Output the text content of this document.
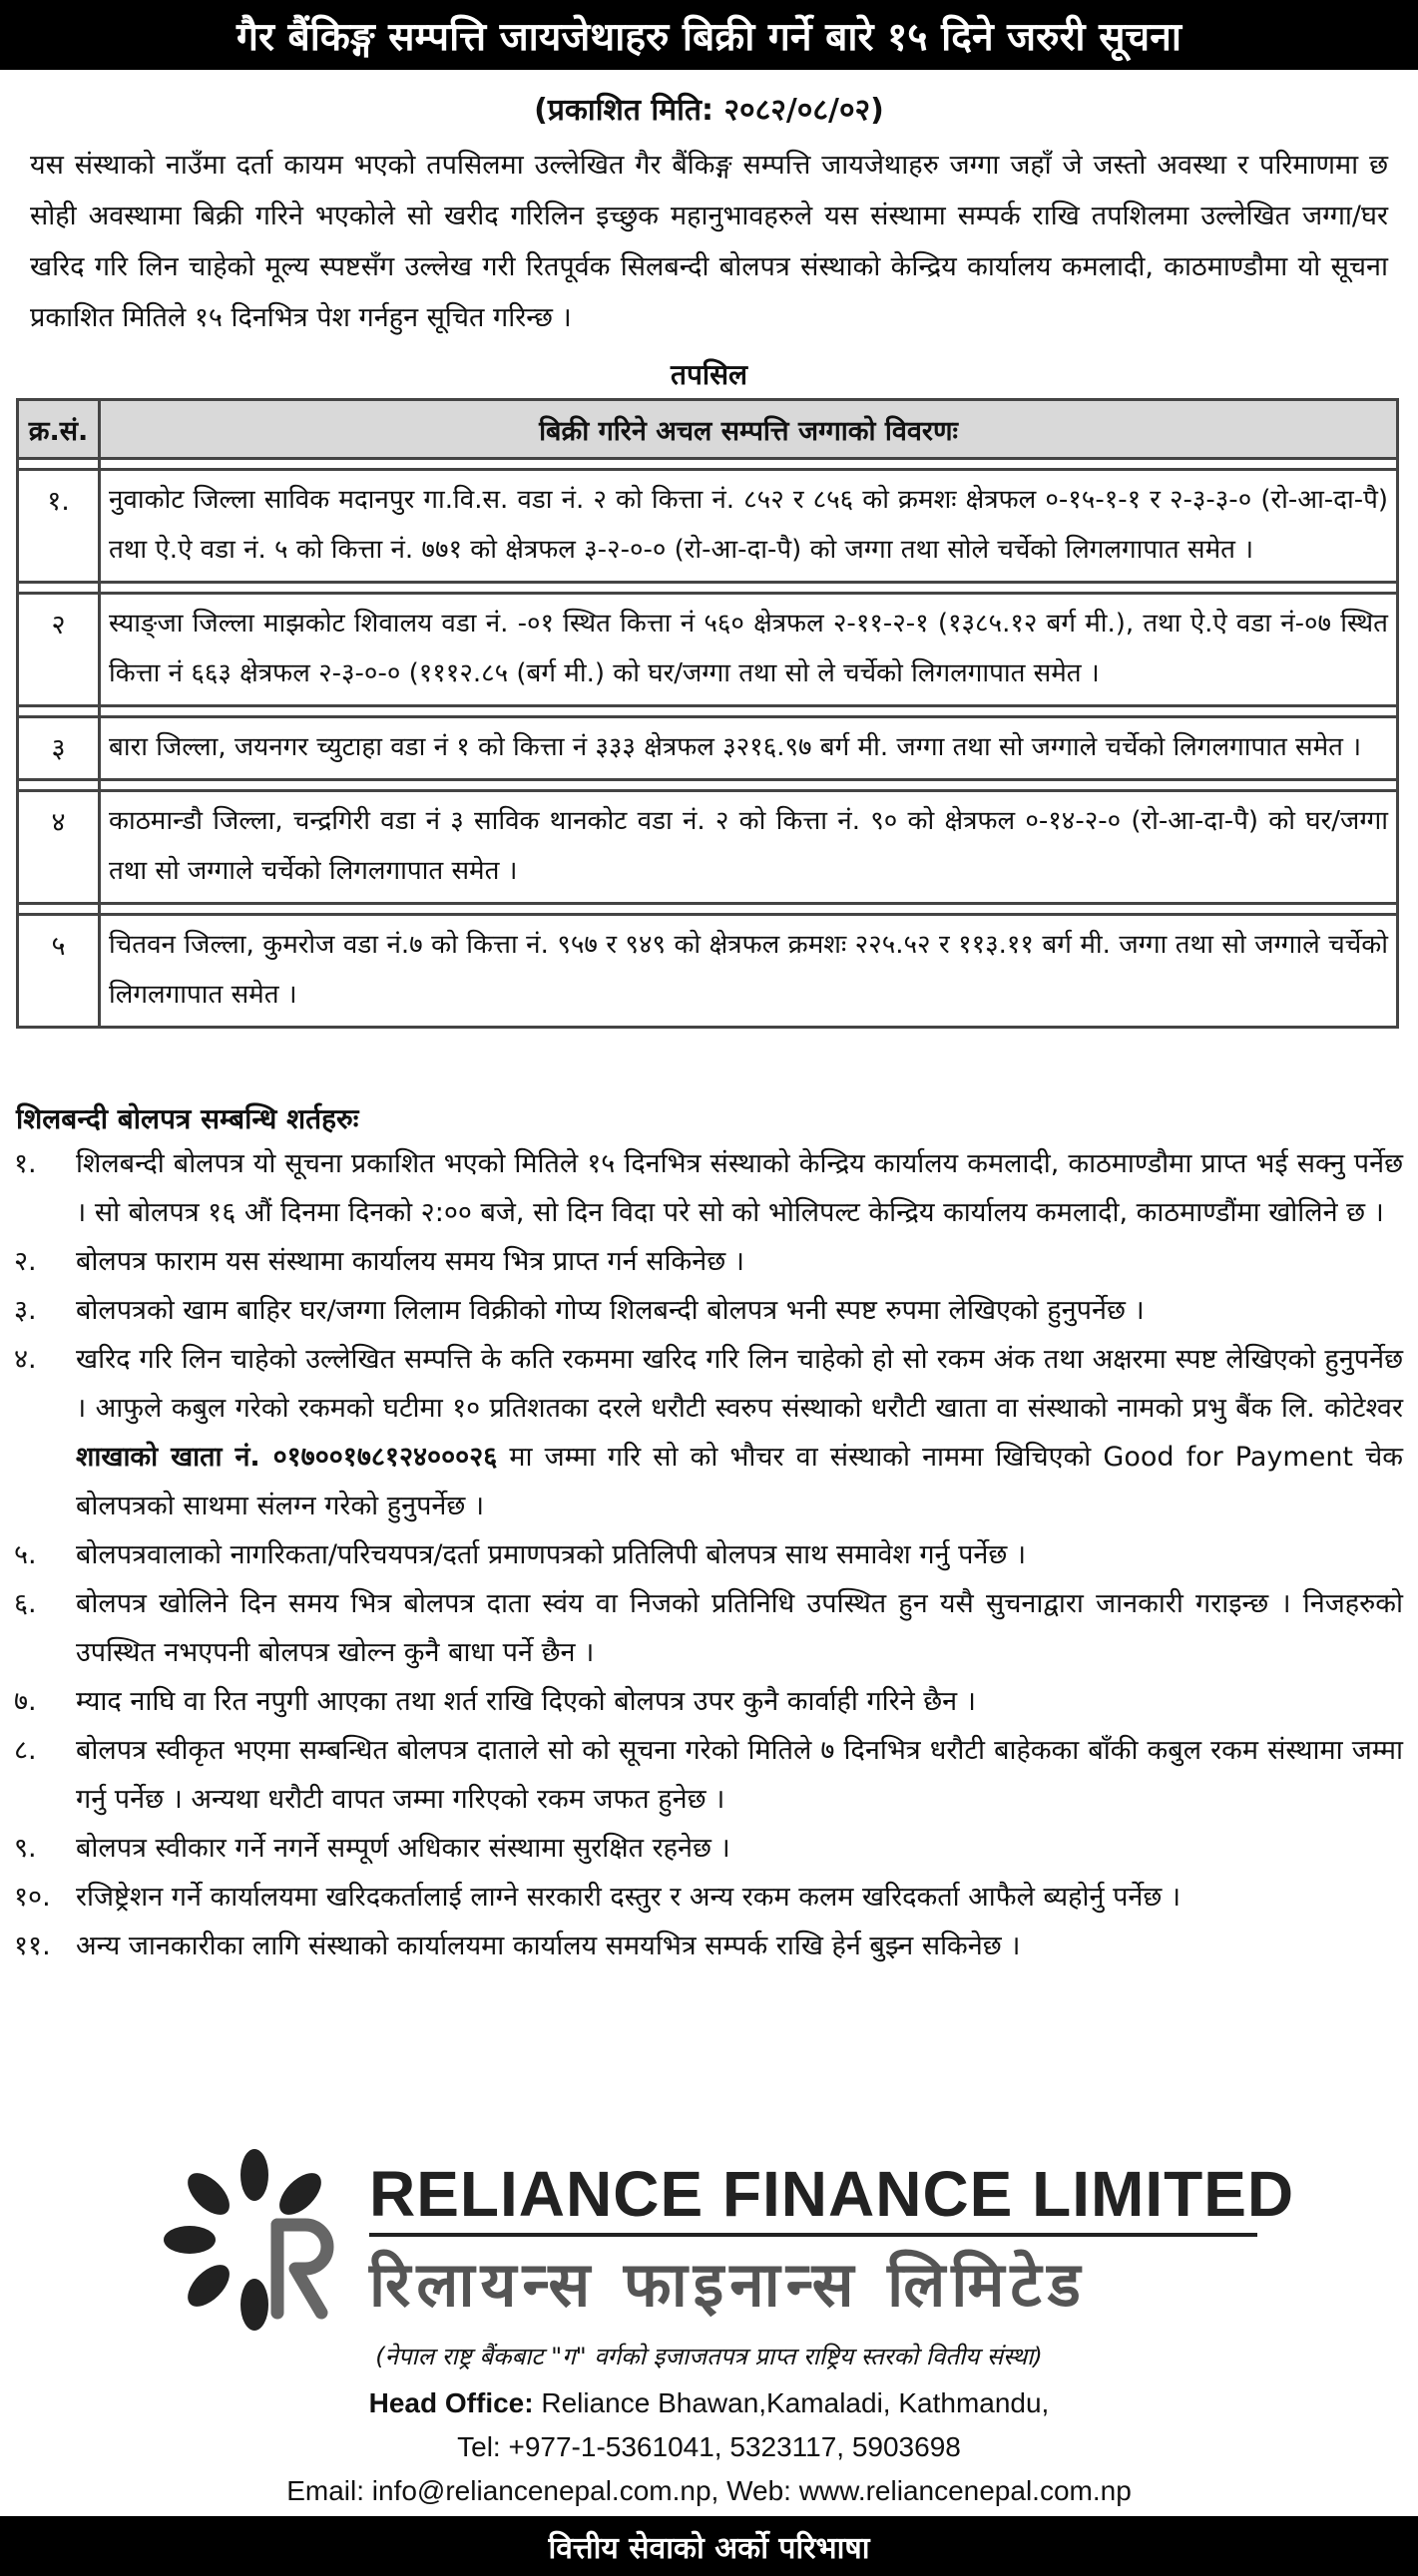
गैर बैंकिङ्ग सम्पत्ति जायजेथाहरु बिक्री गर्ने बारे १५ दिने जरुरी सूचना
(प्रकाशित मिति: २०८२/०८/०२)
यस संस्थाको नाउँमा दर्ता कायम भएको तपसिलमा उल्लेखित गैर बैंकिङ्ग सम्पत्ति जायजेथाहरु जग्गा जहाँ जे जस्तो अवस्था र परिमाणमा छ सोही अवस्थामा बिक्री गरिने भएकोले सो खरीद गरिलिन इच्छुक महानुभावहरुले यस संस्थामा सम्पर्क राखि तपशिलमा उल्लेखित जग्गा/घर खरिद गरि लिन चाहेको मूल्य स्पष्टसँग उल्लेख गरी रितपूर्वक सिलबन्दी बोलपत्र संस्थाको केन्द्रिय कार्यालय कमलादी, काठमाण्डौमा यो सूचना प्रकाशित मितिले १५ दिनभित्र पेश गर्नहुन सूचित गरिन्छ ।
तपसिल
क्र.सं.	बिक्री गरिने अचल सम्पत्ति जग्गाको विवरणः

१.	नुवाकोट जिल्ला साविक मदानपुर गा.वि.स. वडा नं. २ को कित्ता नं. ८५२ र ८५६ को क्रमशः क्षेत्रफल ०-१५-१-१ र २-३-३-० (रो-आ-दा-पै) तथा ऐ.ऐ वडा नं. ५ को कित्ता नं. ७७१ को क्षेत्रफल ३-२-०-० (रो-आ-दा-पै) को जग्गा तथा सोले चर्चेको लिगलगापात समेत ।

२	स्याङ्जा जिल्ला माझकोट शिवालय वडा नं. -०१ स्थित कित्ता नं ५६० क्षेत्रफल २-११-२-१ (१३८५.१२ बर्ग मी.), तथा ऐ.ऐ वडा नं-०७ स्थित कित्ता नं ६६३ क्षेत्रफल २-३-०-० (१११२.८५ (बर्ग मी.) को घर/जग्गा तथा सो ले चर्चेको लिगलगापात समेत ।

३	बारा जिल्ला, जयनगर च्युटाहा वडा नं १ को कित्ता नं ३३३ क्षेत्रफल ३२१६.९७ बर्ग मी. जग्गा तथा सो जग्गाले चर्चेको लिगलगापात समेत ।

४	काठमान्डौ जिल्ला, चन्द्रगिरी वडा नं ३ साविक थानकोट वडा नं. २ को कित्ता नं. ९० को क्षेत्रफल ०-१४-२-० (रो-आ-दा-पै) को घर/जग्गा तथा सो जग्गाले चर्चेको लिगलगापात समेत ।

५	चितवन जिल्ला, कुमरोज वडा नं.७ को कित्ता नं. ९५७ र ९४९ को क्षेत्रफल क्रमशः २२५.५२ र ११३.११ बर्ग मी. जग्गा तथा सो जग्गाले चर्चेको लिगलगापात समेत ।
शिलबन्दी बोलपत्र सम्बन्धि शर्तहरुः
१.	शिलबन्दी बोलपत्र यो सूचना प्रकाशित भएको मितिले १५ दिनभित्र संस्थाको केन्द्रिय कार्यालय कमलादी, काठमाण्डौमा प्राप्त भई सक्नु पर्नेछ । सो बोलपत्र १६ औं दिनमा दिनको २:०० बजे, सो दिन विदा परे सो को भोलिपल्ट केन्द्रिय कार्यालय कमलादी, काठमाण्डौंमा खोलिने छ ।
२.	बोलपत्र फाराम यस संस्थामा कार्यालय समय भित्र प्राप्त गर्न सकिनेछ ।
३.	बोलपत्रको खाम बाहिर घर/जग्गा लिलाम विक्रीको गोप्य शिलबन्दी बोलपत्र भनी स्पष्ट रुपमा लेखिएको हुनुपर्नेछ ।
४.	खरिद गरि लिन चाहेको उल्लेखित सम्पत्ति के कति रकममा खरिद गरि लिन चाहेको हो सो रकम अंक तथा अक्षरमा स्पष्ट लेखिएको हुनुपर्नेछ । आफुले कबुल गरेको रकमको घटीमा १० प्रतिशतका दरले धरौटी स्वरुप संस्थाको धरौटी खाता वा संस्थाको नामको प्रभु बैंक लि. कोटेश्वर शाखाको खाता नं. ०१७००१७८१२४०००२६ मा जम्मा गरि सो को भौचर वा संस्थाको नाममा खिचिएको Good for Payment चेक बोलपत्रको साथमा संलग्न गरेको हुनुपर्नेछ ।
५.	बोलपत्रवालाको नागरिकता/परिचयपत्र/दर्ता प्रमाणपत्रको प्रतिलिपी बोलपत्र साथ समावेश गर्नु पर्नेछ ।
६.	बोलपत्र खोलिने दिन समय भित्र बोलपत्र दाता स्वंय वा निजको प्रतिनिधि उपस्थित हुन यसै सुचनाद्वारा जानकारी गराइन्छ । निजहरुको उपस्थित नभएपनी बोलपत्र खोल्न कुनै बाधा पर्ने छैन ।
७.	म्याद नाघि वा रित नपुगी आएका तथा शर्त राखि दिएको बोलपत्र उपर कुनै कार्वाही गरिने छैन ।
८.	बोलपत्र स्वीकृत भएमा सम्बन्धित बोलपत्र दाताले सो को सूचना गरेको मितिले ७ दिनभित्र धरौटी बाहेकका बाँकी कबुल रकम संस्थामा जम्मा गर्नु पर्नेछ । अन्यथा धरौटी वापत जम्मा गरिएको रकम जफत हुनेछ ।
९.	बोलपत्र स्वीकार गर्ने नगर्ने सम्पूर्ण अधिकार संस्थामा सुरक्षित रहनेछ ।
१०. रजिष्ट्रेशन गर्ने कार्यालयमा खरिदकर्तालाई लाग्ने सरकारी दस्तुर र अन्य रकम कलम खरिदकर्ता आफैले ब्यहोर्नु पर्नेछ ।
११. अन्य जानकारीका लागि संस्थाको कार्यालयमा कार्यालय समयभित्र सम्पर्क राखि हेर्न बुझ्न सकिनेछ ।
RELIANCE FINANCE LIMITED
रिलायन्स फाइनान्स लिमिटेड
(नेपाल राष्ट्र बैंकबाट "ग" वर्गको इजाजतपत्र प्राप्त राष्ट्रिय स्तरको वितीय संस्था)
Head Office: Reliance Bhawan,Kamaladi, Kathmandu,
Tel: +977-1-5361041, 5323117, 5903698
Email: info@reliancenepal.com.np, Web: www.reliancenepal.com.np
वित्तीय सेवाको अर्को परिभाषा
